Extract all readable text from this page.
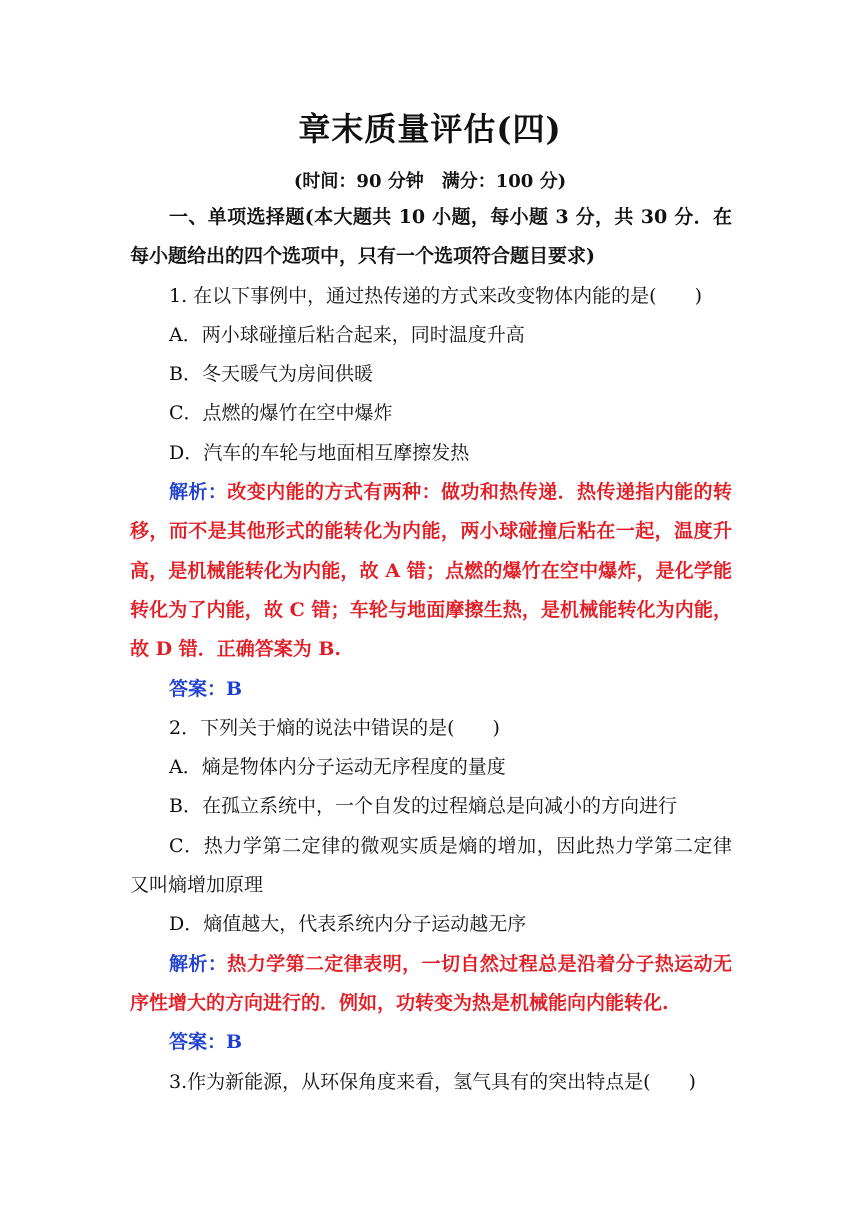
章末质量评估(四)
(时间：90 分钟　满分：100 分)

一、单项选择题(本大题共 10 小题，每小题 3 分，共 30 分．在每小题给出的四个选项中，只有一个选项符合题目要求)

1. 在以下事例中，通过热传递的方式来改变物体内能的是(　　)

A．两小球碰撞后粘合起来，同时温度升高

B．冬天暖气为房间供暖

C．点燃的爆竹在空中爆炸

D．汽车的车轮与地面相互摩擦发热

解析：改变内能的方式有两种：做功和热传递．热传递指内能的转移，而不是其他形式的能转化为内能，两小球碰撞后粘在一起，温度升高，是机械能转化为内能，故 A 错；点燃的爆竹在空中爆炸，是化学能转化为了内能，故 C 错；车轮与地面摩擦生热，是机械能转化为内能，故 D 错．正确答案为 B.

答案：B

2．下列关于熵的说法中错误的是(　　)

A．熵是物体内分子运动无序程度的量度

B．在孤立系统中，一个自发的过程熵总是向减小的方向进行

C．热力学第二定律的微观实质是熵的增加，因此热力学第二定律又叫熵增加原理

D．熵值越大，代表系统内分子运动越无序

解析：热力学第二定律表明，一切自然过程总是沿着分子热运动无序性增大的方向进行的．例如，功转变为热是机械能向内能转化.

答案：B

3.作为新能源，从环保角度来看，氢气具有的突出特点是(　　)
